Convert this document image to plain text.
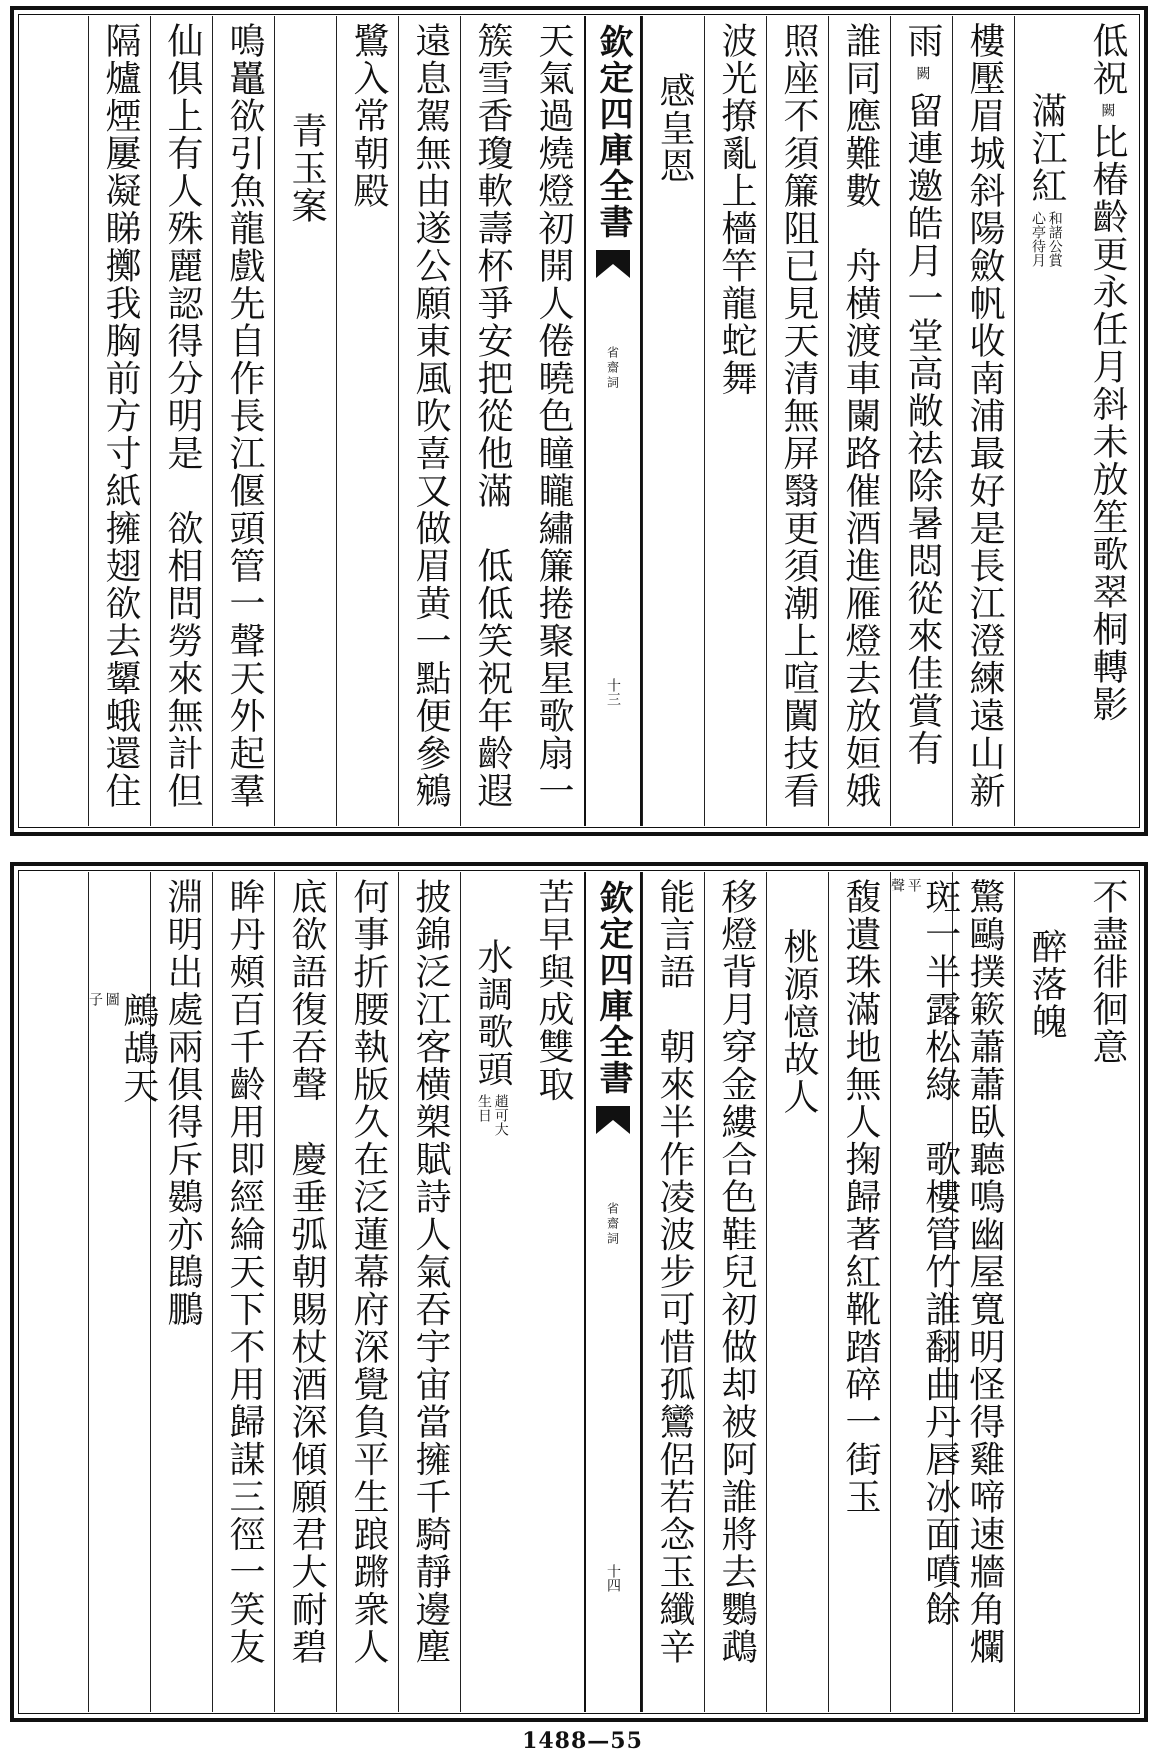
低祝
闕
比椿齡更永任月斜未放笙歌翠桐轉影
滿江紅
和諸公賞
心亭待月
樓壓眉城斜陽斂帆收南浦最好是長江澄練遠山新
雨
闕
留連邀皓月一堂高敞祛除暑悶從來佳賞有
誰同應難數　舟横渡車闌路催酒進雁燈去放姮娥
照座不須簾阻已見天清無屏翳更須潮上喧闐技看
波光撩亂上檣竿龍蛇舞
感皇恩
欽定四庫全書
省齋詞
十三
天氣過燒燈初開人倦曉色瞳矓繡簾捲聚星歌扇一
簇雪香瓊軟壽杯爭安把從他滿　低低笑祝年齡遐
遠息駕無由遂公願東風吹喜又做眉黄一點便參鵷
鷺入常朝殿
青玉案
鳴鼉欲引魚龍戲先自作長江偃頭管一聲天外起羣
仙俱上有人殊麗認得分明是　欲相問勞來無計但
隔爐煙屢凝睇擲我胸前方寸紙擁翅欲去顰蛾還住
不盡徘徊意
醉落魄
驚鷗撲簌蕭蕭臥聽鳴幽屋寬明怪得雞啼速牆角爛
斑一半露松綠　歌樓管竹誰翻曲丹唇冰面噴餘
平
聲
馥遺珠滿地無人掬歸著紅靴踏碎一街玉
桃源憶故人
移燈背月穿金縷合色鞋兒初做却被阿誰將去鸚鵡
能言語　朝來半作凌波步可惜孤鸞侶若念玉纖辛
欽定四庫全書
省齋詞
十四
苦早與成雙取
水調歌頭
趙可大
生日
披錦泛江客横槊賦詩人氣吞宇宙當擁千騎靜邊塵
何事折腰執版久在泛蓮幕府深覺負平生踉蹡衆人
底欲語復吞聲　慶垂弧朝賜杖酒深傾願君大耐碧
眸丹頰百千齡用即經綸天下不用歸謀三徑一笑友
淵明出處兩俱得斥鷃亦鵾鵬
鷓鴣天
圖
子
1488—55
